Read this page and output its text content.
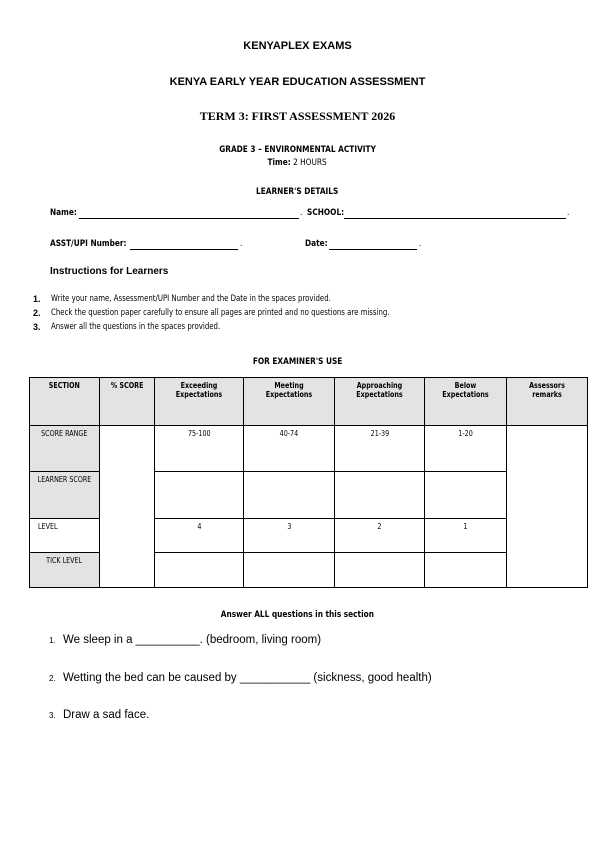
KENYAPLEX EXAMS
KENYA EARLY YEAR EDUCATION ASSESSMENT
TERM 3: FIRST ASSESSMENT 2026
GRADE 3 – ENVIRONMENTAL ACTIVITY
Time: 2 HOURS
LEARNER'S DETAILS
Name:	. SCHOOL:	.
ASST/UPI Number:	.	Date:	.
Instructions for Learners
1. Write your name, Assessment/UPI Number and the Date in the spaces provided.
2. Check the question paper carefully to ensure all pages are printed and no questions are missing.
3. Answer all the questions in the spaces provided.
FOR EXAMINER'S USE
SECTION	% SCORE	Exceeding Expectations	Meeting Expectations	Approaching Expectations	Below Expectations	Assessors remarks
SCORE RANGE		75-100	40-74	21-39	1-20	
LEARNER SCORE						
LEVEL		4	3	2	1	
TICK LEVEL						
Answer ALL questions in this section
1. We sleep in a __________. (bedroom, living room)
2. Wetting the bed can be caused by ___________ (sickness, good health)
3. Draw a sad face.
